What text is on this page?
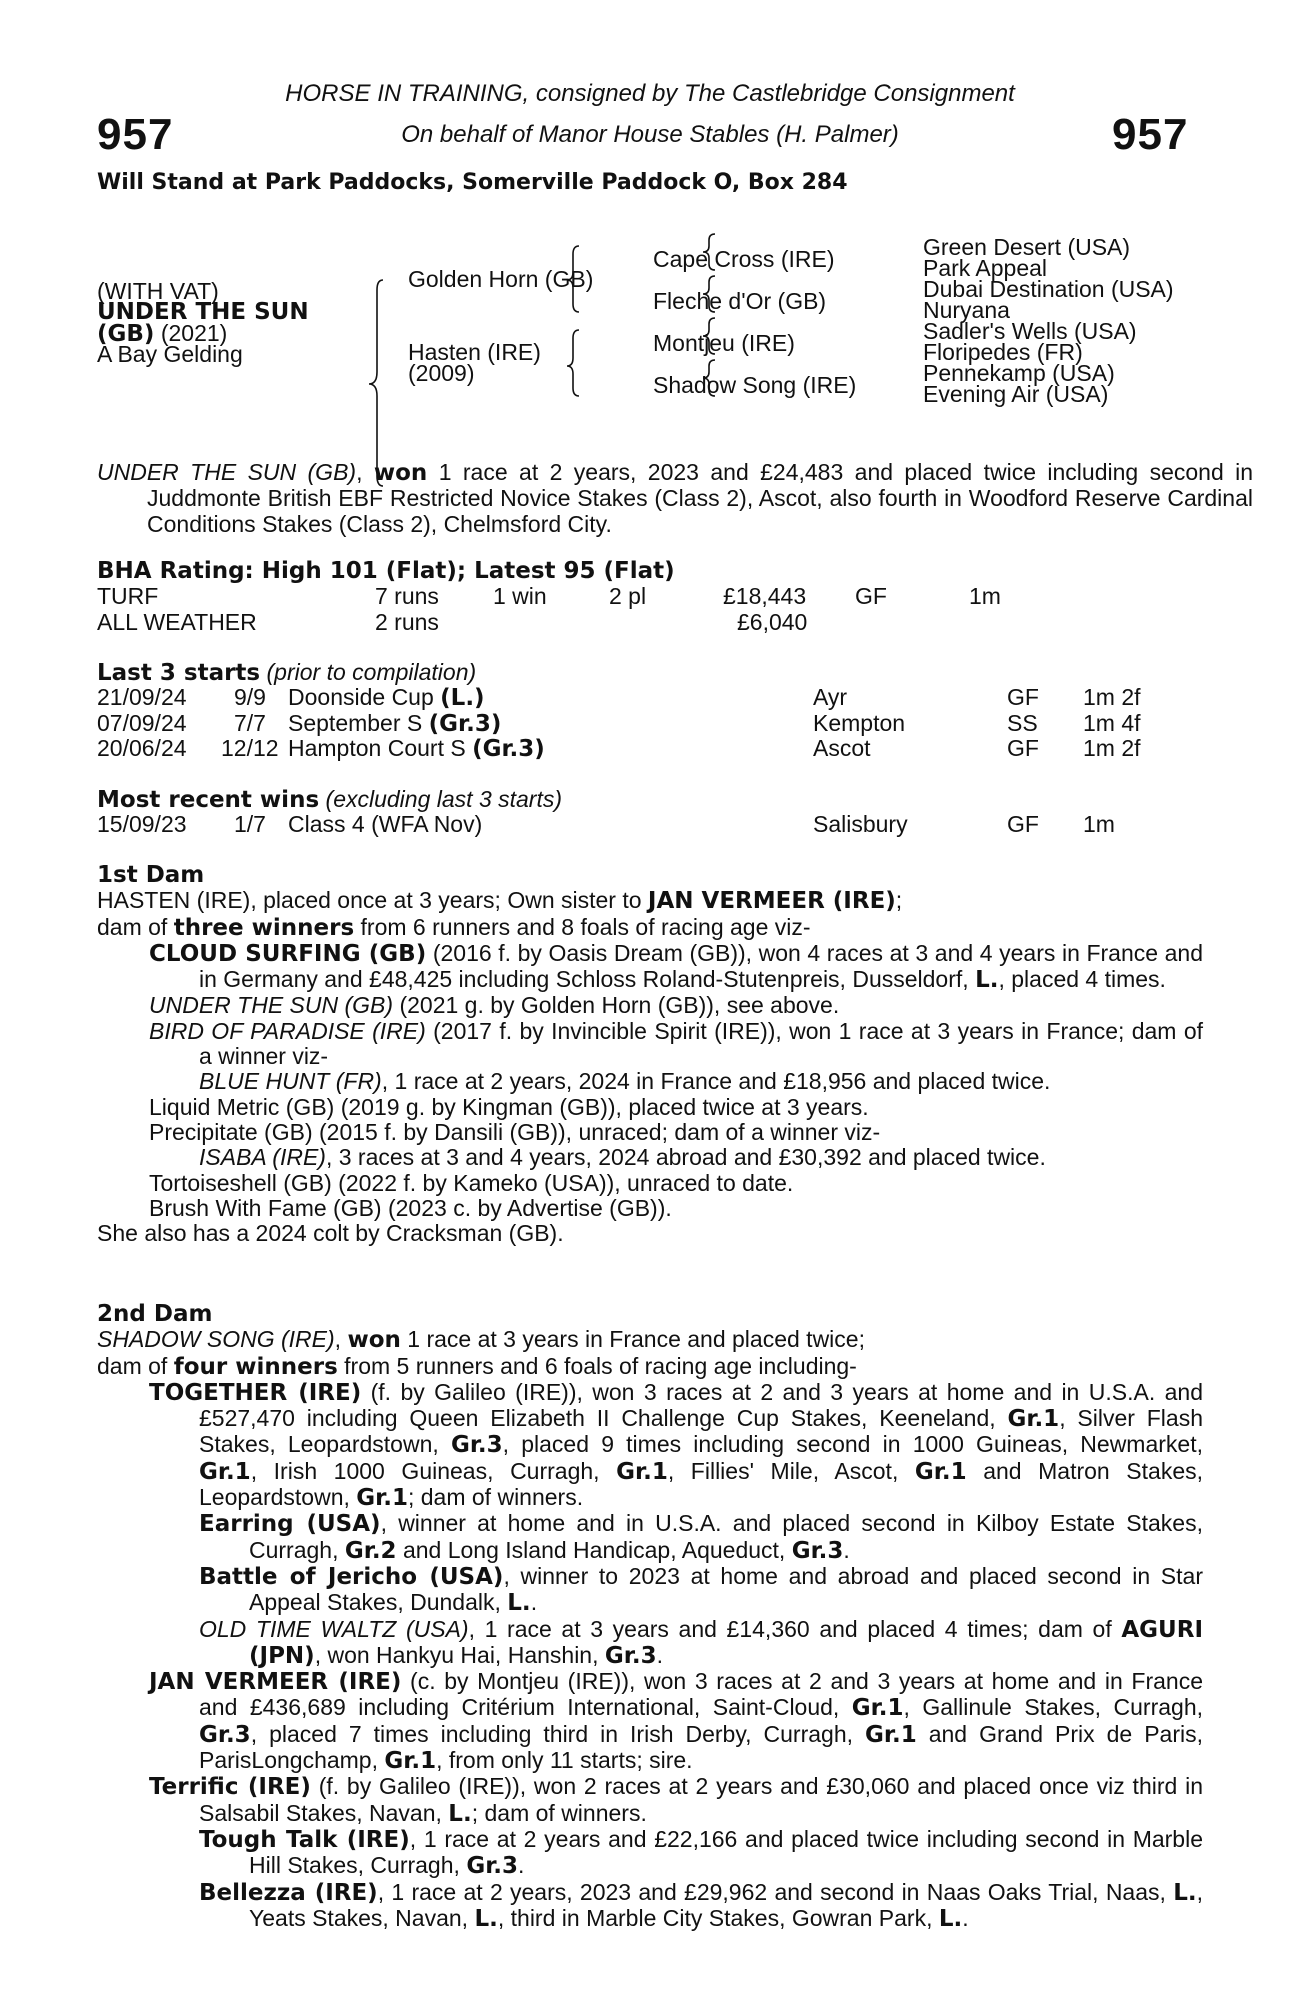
957	957
HORSE IN TRAINING, consigned by The Castlebridge Consignment
On behalf of Manor House Stables (H. Palmer)
Will Stand at Park Paddocks, Somerville Paddock O, Box 284
(WITH VAT)
UNDER THE SUN
(GB) (2021)
A Bay Gelding
Golden Horn (GB)
Hasten (IRE)
(2009)
Cape Cross (IRE)
Fleche d'Or (GB)
Montjeu (IRE)
Shadow Song (IRE)
Green Desert (USA)
Park Appeal
Dubai Destination (USA)
Nuryana
Sadler's Wells (USA)
Floripedes (FR)
Pennekamp (USA)
Evening Air (USA)
UNDER THE SUN (GB), won 1 race at 2 years, 2023 and £24,483 and placed twice including second in Juddmonte British EBF Restricted Novice Stakes (Class 2), Ascot, also fourth in Woodford Reserve Cardinal Conditions Stakes (Class 2), Chelmsford City.
BHA Rating: High 101 (Flat); Latest 95 (Flat)
TURF	7 runs 1 win	2 pl	£18,443 GF	1m
ALL WEATHER	2 runs	£6,040
Last 3 starts (prior to compilation)
21/09/24 9/9 Doonside Cup (L.)	Ayr	GF 1m 2f
07/09/24 7/7 September S (Gr.3)	Kempton	SS 1m 4f
20/06/24 12/12 Hampton Court S (Gr.3)	Ascot	GF 1m 2f
Most recent wins (excluding last 3 starts)
15/09/23 1/7 Class 4 (WFA Nov)	Salisbury	GF 1m
1st Dam
HASTEN (IRE), placed once at 3 years; Own sister to JAN VERMEER (IRE);
dam of three winners from 6 runners and 8 foals of racing age viz-
CLOUD SURFING (GB) (2016 f. by Oasis Dream (GB)), won 4 races at 3 and 4 years in France and in Germany and £48,425 including Schloss Roland-Stutenpreis, Dusseldorf, L., placed 4 times.
UNDER THE SUN (GB) (2021 g. by Golden Horn (GB)), see above.
BIRD OF PARADISE (IRE) (2017 f. by Invincible Spirit (IRE)), won 1 race at 3 years in France; dam of a winner viz-
BLUE HUNT (FR), 1 race at 2 years, 2024 in France and £18,956 and placed twice.
Liquid Metric (GB) (2019 g. by Kingman (GB)), placed twice at 3 years.
Precipitate (GB) (2015 f. by Dansili (GB)), unraced; dam of a winner viz-
ISABA (IRE), 3 races at 3 and 4 years, 2024 abroad and £30,392 and placed twice.
Tortoiseshell (GB) (2022 f. by Kameko (USA)), unraced to date.
Brush With Fame (GB) (2023 c. by Advertise (GB)).
She also has a 2024 colt by Cracksman (GB).
2nd Dam
SHADOW SONG (IRE), won 1 race at 3 years in France and placed twice;
dam of four winners from 5 runners and 6 foals of racing age including-
TOGETHER (IRE) (f. by Galileo (IRE)), won 3 races at 2 and 3 years at home and in U.S.A. and £527,470 including Queen Elizabeth II Challenge Cup Stakes, Keeneland, Gr.1, Silver Flash Stakes, Leopardstown, Gr.3, placed 9 times including second in 1000 Guineas, Newmarket, Gr.1, Irish 1000 Guineas, Curragh, Gr.1, Fillies' Mile, Ascot, Gr.1 and Matron Stakes, Leopardstown, Gr.1; dam of winners.
Earring (USA), winner at home and in U.S.A. and placed second in Kilboy Estate Stakes, Curragh, Gr.2 and Long Island Handicap, Aqueduct, Gr.3.
Battle of Jericho (USA), winner to 2023 at home and abroad and placed second in Star Appeal Stakes, Dundalk, L..
OLD TIME WALTZ (USA), 1 race at 3 years and £14,360 and placed 4 times; dam of AGURI (JPN), won Hankyu Hai, Hanshin, Gr.3.
JAN VERMEER (IRE) (c. by Montjeu (IRE)), won 3 races at 2 and 3 years at home and in France and £436,689 including Critérium International, Saint-Cloud, Gr.1, Gallinule Stakes, Curragh, Gr.3, placed 7 times including third in Irish Derby, Curragh, Gr.1 and Grand Prix de Paris, ParisLongchamp, Gr.1, from only 11 starts; sire.
Terrific (IRE) (f. by Galileo (IRE)), won 2 races at 2 years and £30,060 and placed once viz third in Salsabil Stakes, Navan, L.; dam of winners.
Tough Talk (IRE), 1 race at 2 years and £22,166 and placed twice including second in Marble Hill Stakes, Curragh, Gr.3.
Bellezza (IRE), 1 race at 2 years, 2023 and £29,962 and second in Naas Oaks Trial, Naas, L., Yeats Stakes, Navan, L., third in Marble City Stakes, Gowran Park, L..
